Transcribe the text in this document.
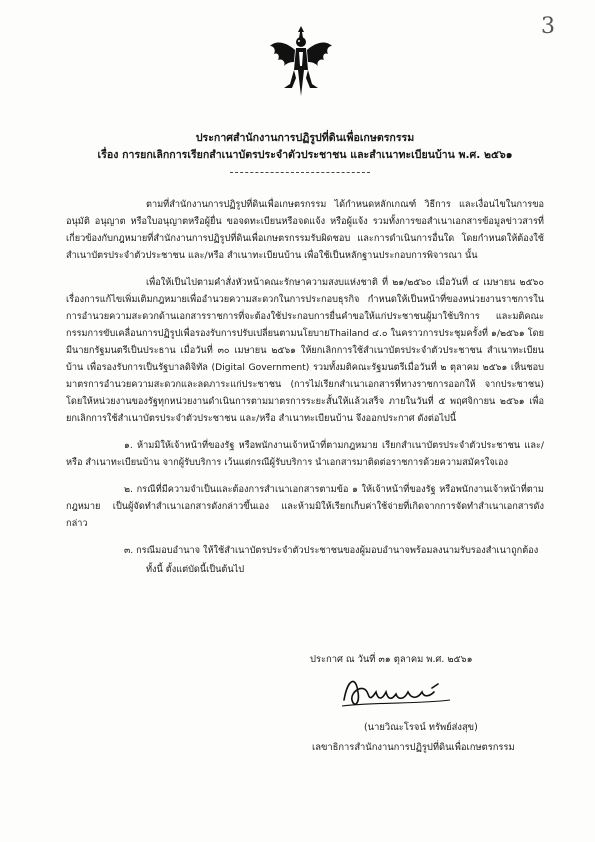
3
ประกาศสำนักงานการปฏิรูปที่ดินเพื่อเกษตรกรรม
เรื่อง การยกเลิกการเรียกสำเนาบัตรประจำตัวประชาชน และสำเนาทะเบียนบ้าน พ.ศ. ๒๕๖๑

ตามที่สำนักงานการปฏิรูปที่ดินเพื่อเกษตรกรรม ได้กำหนดหลักเกณฑ์ วิธีการ และเงื่อนไขในการขออนุมัติ อนุญาต หรือใบอนุญาตหรือผู้ยื่น ขอจดทะเบียนหรือจดแจ้ง หรือผู้แจ้ง รวมทั้งการขอสำเนาเอกสารข้อมูลข่าวสารที่เกี่ยวข้องกับกฎหมายที่สำนักงานการปฏิรูปที่ดินเพื่อเกษตรกรรมรับผิดชอบ และการดำเนินการอื่นใด โดยกำหนดให้ต้องใช้สำเนาบัตรประจำตัวประชาชน และ/หรือ สำเนาทะเบียนบ้าน เพื่อใช้เป็นหลักฐานประกอบการพิจารณา นั้น

เพื่อให้เป็นไปตามคำสั่งหัวหน้าคณะรักษาความสงบแห่งชาติ ที่ ๒๑/๒๕๖๐ เมื่อวันที่ ๔ เมษายน ๒๕๖๐ เรื่องการแก้ไขเพิ่มเติมกฎหมายเพื่ออำนวยความสะดวกในการประกอบธุรกิจ กำหนดให้เป็นหน้าที่ของหน่วยงานราชการในการอำนวยความสะดวกด้านเอกสารราชการที่จะต้องใช้ประกอบการยื่นคำขอให้แก่ประชาชนผู้มาใช้บริการ และมติคณะกรรมการขับเคลื่อนการปฏิรูปเพื่อรองรับการปรับเปลี่ยนตามนโยบายThailand ๔.๐ ในคราวการประชุมครั้งที่ ๑/๒๕๖๑ โดยมีนายกรัฐมนตรีเป็นประธาน เมื่อวันที่ ๓๐ เมษายน ๒๕๖๑ ให้ยกเลิกการใช้สำเนาบัตรประจำตัวประชาชน สำเนาทะเบียนบ้าน เพื่อรองรับการเป็นรัฐบาลดิจิทัล (Digital Government) รวมทั้งมติคณะรัฐมนตรีเมื่อวันที่ ๒ ตุลาคม ๒๕๖๑ เห็นชอบมาตรการอำนวยความสะดวกและลดภาระแก่ประชาชน (การไม่เรียกสำเนาเอกสารที่ทางราชการออกให้ จากประชาชน) โดยให้หน่วยงานของรัฐทุกหน่วยงานดำเนินการตามมาตรการระยะสั้นให้แล้วเสร็จ ภายในวันที่ ๕ พฤศจิกายน ๒๕๖๑ เพื่อยกเลิกการใช้สำเนาบัตรประจำตัวประชาชน และ/หรือ สำเนาทะเบียนบ้าน จึงออกประกาศ ดังต่อไปนี้

๑. ห้ามมิให้เจ้าหน้าที่ของรัฐ หรือพนักงานเจ้าหน้าที่ตามกฎหมาย เรียกสำเนาบัตรประจำตัวประชาชน และ/หรือ สำเนาทะเบียนบ้าน จากผู้รับบริการ เว้นแต่กรณีผู้รับบริการ นำเอกสารมาติดต่อราชการด้วยความสมัครใจเอง

๒. กรณีที่มีความจำเป็นและต้องการสำเนาเอกสารตามข้อ ๑ ให้เจ้าหน้าที่ของรัฐ หรือพนักงานเจ้าหน้าที่ตามกฎหมาย เป็นผู้จัดทำสำเนาเอกสารดังกล่าวขึ้นเอง และห้ามมิให้เรียกเก็บค่าใช้จ่ายที่เกิดจากการจัดทำสำเนาเอกสารดังกล่าว

๓. กรณีมอบอำนาจ ให้ใช้สำเนาบัตรประจำตัวประชาชนของผู้มอบอำนาจพร้อมลงนามรับรองสำเนาถูกต้อง

ทั้งนี้ ตั้งแต่บัดนี้เป็นต้นไป

ประกาศ ณ วันที่ ๓๑ ตุลาคม พ.ศ. ๒๕๖๑
(นายวิณะโรจน์ ทรัพย์ส่งสุข)
เลขาธิการสำนักงานการปฏิรูปที่ดินเพื่อเกษตรกรรม
